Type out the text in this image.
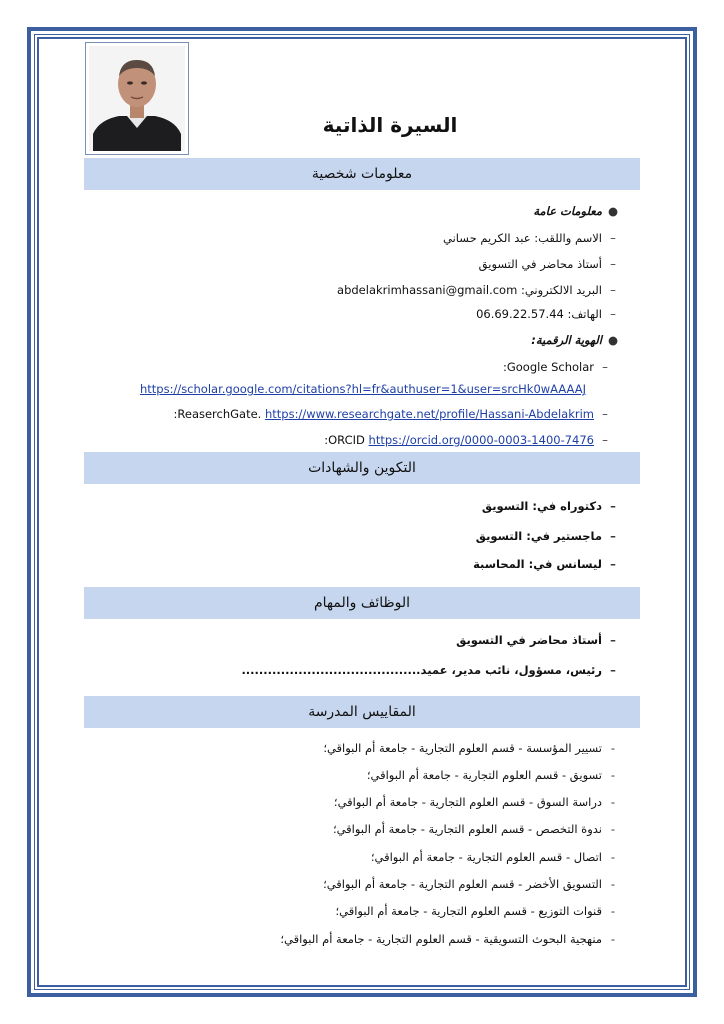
السيرة الذاتية
معلومات شخصية
●معلومات عامة
–الاسم واللقب: عبد الكريم حساني
–أستاذ محاضر في التسويق
–البريد الالكتروني: abdelakrimhassani@gmail.com
–الهاتف: 06.69.22.57.44
●الهوية الرقمية:
–:Google Scholar
https://scholar.google.com/citations?hl=fr&authuser=1&user=srcHk0wAAAAJ
–:ReaserchGate. https://www.researchgate.net/profile/Hassani-Abdelakrim
–:ORCID https://orcid.org/0000-0003-1400-7476
التكوين والشهادات
–دكتوراه في: التسويق
–ماجستير في: التسويق
–ليسانس في: المحاسبة
الوظائف والمهام
–أستاذ محاضر في التسويق
–رئيس، مسؤول، نائب مدير، عميد.........................................
المقاييس المدرسة
-تسيير المؤسسة - قسم العلوم التجارية - جامعة أم البواقي؛
-تسويق - قسم العلوم التجارية - جامعة أم البواقي؛
-دراسة السوق - قسم العلوم التجارية - جامعة أم البواقي؛
-ندوة التخصص - قسم العلوم التجارية - جامعة أم البواقي؛
-اتصال - قسم العلوم التجارية - جامعة أم البواقي؛
-التسويق الأخضر - قسم العلوم التجارية - جامعة أم البواقي؛
-قنوات التوزيع - قسم العلوم التجارية - جامعة أم البواقي؛
-منهجية البحوث التسويقية - قسم العلوم التجارية - جامعة أم البواقي؛
